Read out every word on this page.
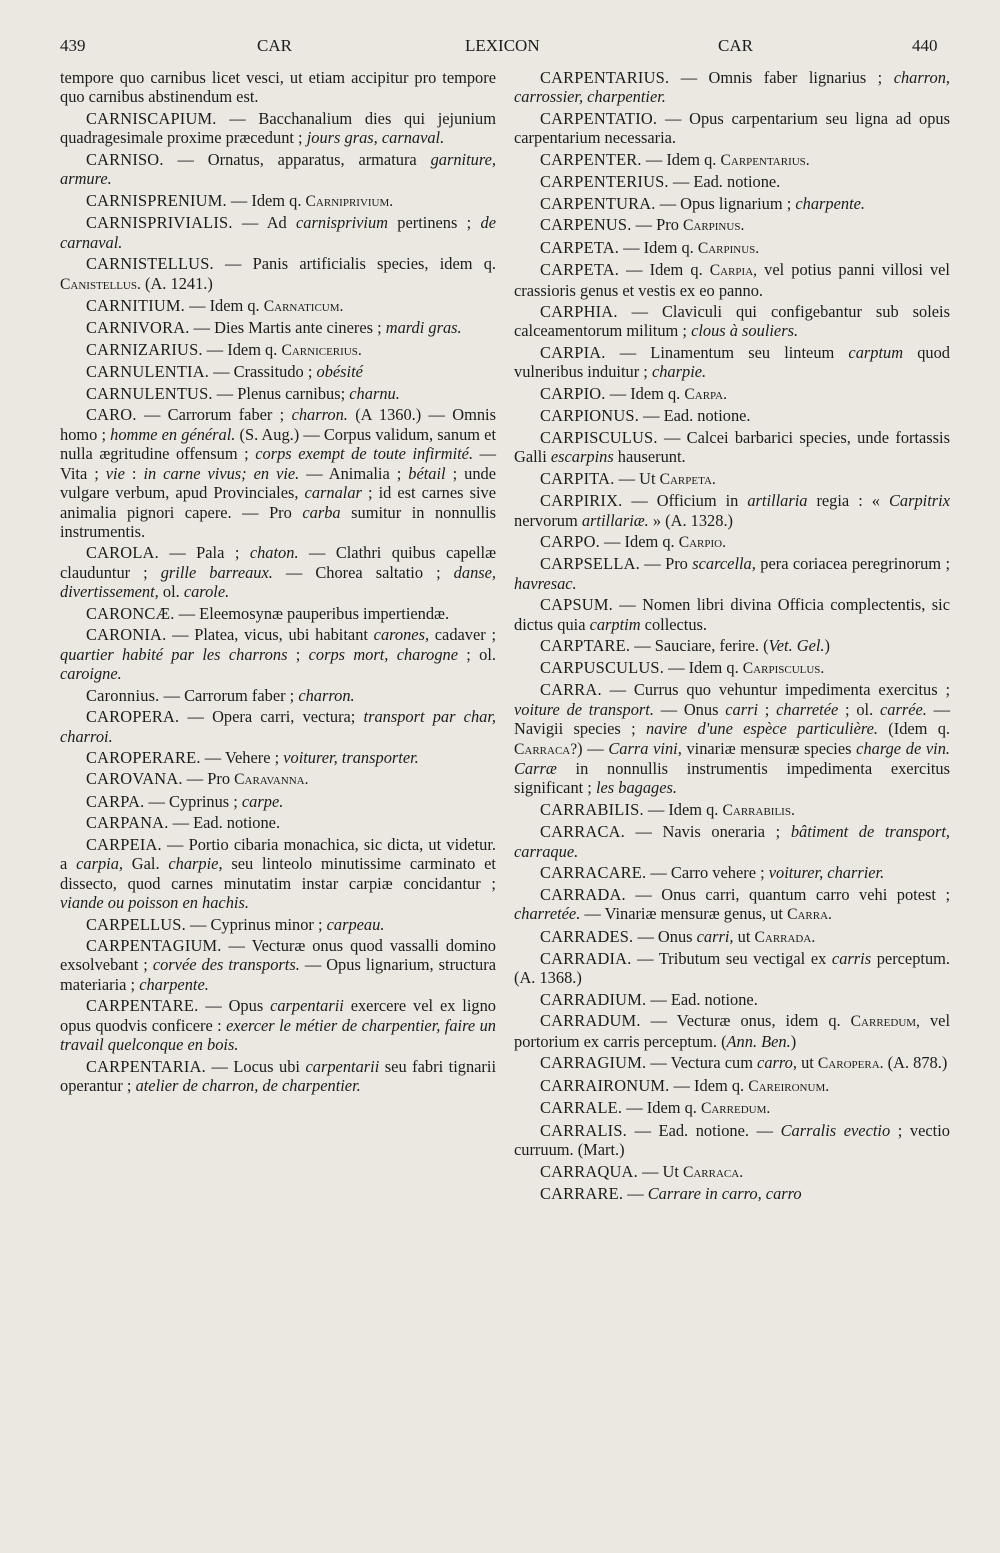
439	CAR	LEXICON	CAR	440

tempore quo carnibus licet vesci, ut etiam accipitur pro tempore quo carnibus abstinendum est.

CARNISCAPIUM. — Bacchanalium dies qui jejunium quadragesimale proxime præcedunt ; jours gras, carnaval.

CARNISO. — Ornatus, apparatus, armatura garniture, armure.

CARNISPRENIUM. — Idem q. Carniprivium.

CARNISPRIVIALIS. — Ad carnisprivium pertinens ; de carnaval.

CARNISTELLUS. — Panis artificialis species, idem q. Canistellus. (A. 1241.)

CARNITIUM. — Idem q. Carnaticum.

CARNIVORA. — Dies Martis ante cineres ; mardi gras.

CARNIZARIUS. — Idem q. Carnicerius.

CARNULENTIA. — Crassitudo ; obésité

CARNULENTUS. — Plenus carnibus; charnu.

CARO. — Carrorum faber ; charron. (A 1360.) — Omnis homo ; homme en général. (S. Aug.) — Corpus validum, sanum et nulla ægritudine offensum ; corps exempt de toute infirmité. — Vita ; vie : in carne vivus; en vie. — Animalia ; bétail ; unde vulgare verbum, apud Provinciales, carnalar ; id est carnes sive animalia pignori capere. — Pro carba sumitur in nonnullis instrumentis.

CAROLA. — Pala ; chaton. — Clathri quibus capellæ clauduntur ; grille barreaux. — Chorea saltatio ; danse, divertissement, ol. carole.

CARONCÆ. — Eleemosynæ pauperibus impertiendæ.

CARONIA. — Platea, vicus, ubi habitant carones, cadaver ; quartier habité par les charrons ; corps mort, charogne ; ol. caroigne.

Caronnius. — Carrorum faber ; charron.

CAROPERA. — Opera carri, vectura; transport par char, charroi.

CAROPERARE. — Vehere ; voiturer, transporter.

CAROVANA. — Pro Caravanna.

CARPA. — Cyprinus ; carpe.

CARPANA. — Ead. notione.

CARPEIA. — Portio cibaria monachica, sic dicta, ut videtur. a carpia, Gal. charpie, seu linteolo minutissime carminato et dissecto, quod carnes minutatim instar carpiæ concidantur ; viande ou poisson en hachis.

CARPELLUS. — Cyprinus minor ; carpeau.

CARPENTAGIUM. — Vecturæ onus quod vassalli domino exsolvebant ; corvée des transports. — Opus lignarium, structura materiaria ; charpente.

CARPENTARE. — Opus carpentarii exercere vel ex ligno opus quodvis conficere : exercer le métier de charpentier, faire un travail quelconque en bois.

CARPENTARIA. — Locus ubi carpentarii seu fabri tignarii operantur ; atelier de charron, de charpentier.

CARPENTARIUS. — Omnis faber lignarius ; charron, carrossier, charpentier.

CARPENTATIO. — Opus carpentarium seu ligna ad opus carpentarium necessaria.

CARPENTER. — Idem q. Carpentarius.

CARPENTERIUS. — Ead. notione.

CARPENTURA. — Opus lignarium ; charpente.

CARPENUS. — Pro Carpinus.

CARPETA. — Idem q. Carpinus.

CARPETA. — Idem q. Carpia, vel potius panni villosi vel crassioris genus et vestis ex eo panno.

CARPHIA. — Claviculi qui configebantur sub soleis calceamentorum militum ; clous à souliers.

CARPIA. — Linamentum seu linteum carptum quod vulneribus induitur ; charpie.

CARPIO. — Idem q. Carpa.

CARPIONUS. — Ead. notione.

CARPISCULUS. — Calcei barbarici species, unde fortassis Galli escarpins hauserunt.

CARPITA. — Ut Carpeta.

CARPIRIX. — Officium in artillaria regia : « Carpitrix nervorum artillariæ. » (A. 1328.)

CARPO. — Idem q. Carpio.

CARPSELLA. — Pro scarcella, pera coriacea peregrinorum ; havresac.

CAPSUM. — Nomen libri divina Officia complectentis, sic dictus quia carptim collectus.

CARPTARE. — Sauciare, ferire. (Vet. Gel.)

CARPUSCULUS. — Idem q. Carpisculus.

CARRA. — Currus quo vehuntur impedimenta exercitus ; voiture de transport. — Onus carri ; charretée ; ol. carrée. — Navigii species ; navire d'une espèce particulière. (Idem q. Carraca?) — Carra vini, vinariæ mensuræ species charge de vin. Carræ in nonnullis instrumentis impedimenta exercitus significant ; les bagages.

CARRABILIS. — Idem q. Carrabilis.

CARRACA. — Navis oneraria ; bâtiment de transport, carraque.

CARRACARE. — Carro vehere ; voiturer, charrier.

CARRADA. — Onus carri, quantum carro vehi potest ; charretée. — Vinariæ mensuræ genus, ut Carra.

CARRADES. — Onus carri, ut Carrada.

CARRADIA. — Tributum seu vectigal ex carris perceptum. (A. 1368.)

CARRADIUM. — Ead. notione.

CARRADUM. — Vecturæ onus, idem q. Carredum, vel portorium ex carris perceptum. (Ann. Ben.)

CARRAGIUM. — Vectura cum carro, ut Caropera. (A. 878.)

CARRAIRONUM. — Idem q. Careironum.

CARRALE. — Idem q. Carredum.

CARRALIS. — Ead. notione. — Carralis evectio ; vectio curruum. (Mart.)

CARRAQUA. — Ut Carraca.

CARRARE. — Carrare in carro, carro
